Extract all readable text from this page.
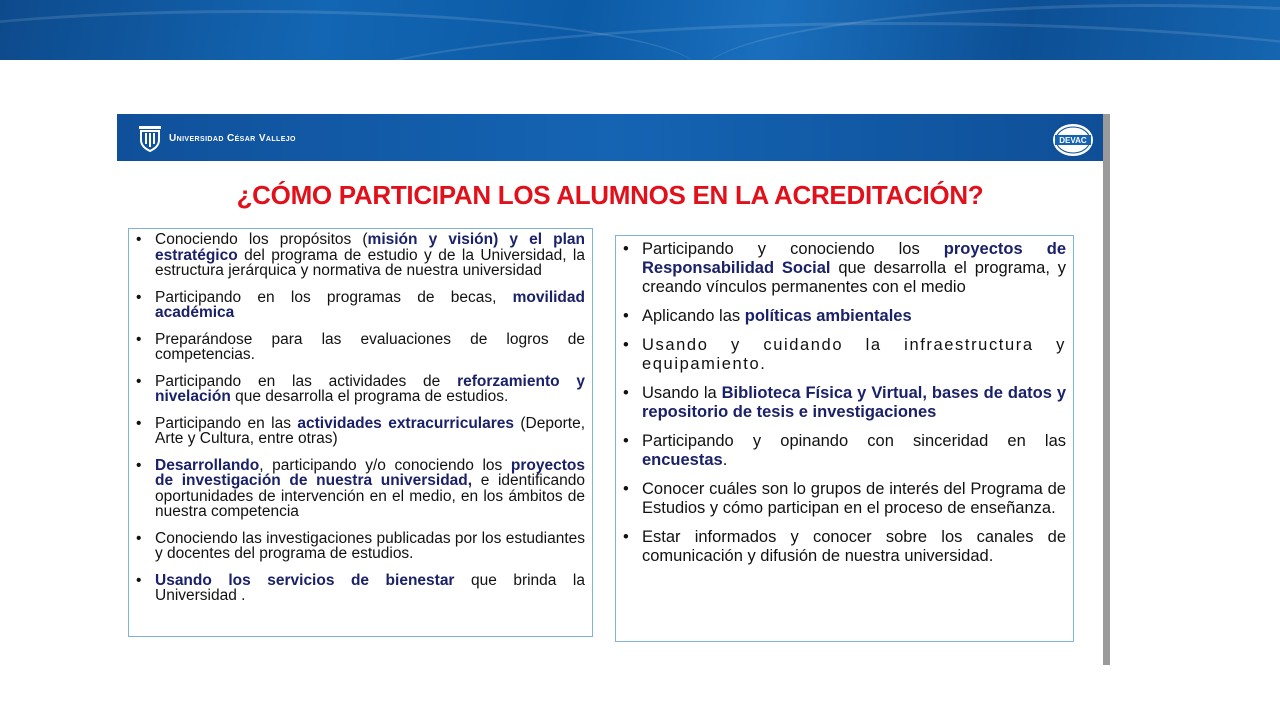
Universidad César Vallejo	DEVAC
¿CÓMO PARTICIPAN LOS ALUMNOS EN LA ACREDITACIÓN?
• Conociendo los propósitos (misión y visión) y el plan estratégico del programa de estudio y de la Universidad, la estructura jerárquica y normativa de nuestra universidad
• Participando en los programas de becas, movilidad académica
• Preparándose para las evaluaciones de logros de competencias.
• Participando en las actividades de reforzamiento y nivelación que desarrolla el programa de estudios.
• Participando en las actividades extracurriculares (Deporte, Arte y Cultura, entre otras)
• Desarrollando, participando y/o conociendo los proyectos de investigación de nuestra universidad, e identificando oportunidades de intervención en el medio, en los ámbitos de nuestra competencia
• Conociendo las investigaciones publicadas por los estudiantes y docentes del programa de estudios.
• Usando los servicios de bienestar que brinda la Universidad .
• Participando y conociendo los proyectos de Responsabilidad Social que desarrolla el programa, y creando vínculos permanentes con el medio
• Aplicando las políticas ambientales
• Usando y cuidando la infraestructura y equipamiento.
• Usando la Biblioteca Física y Virtual, bases de datos y repositorio de tesis e investigaciones
• Participando y opinando con sinceridad en las encuestas.
• Conocer cuáles son lo grupos de interés del Programa de Estudios y cómo participan en el proceso de enseñanza.
• Estar informados y conocer sobre los canales de comunicación y difusión de nuestra universidad.
